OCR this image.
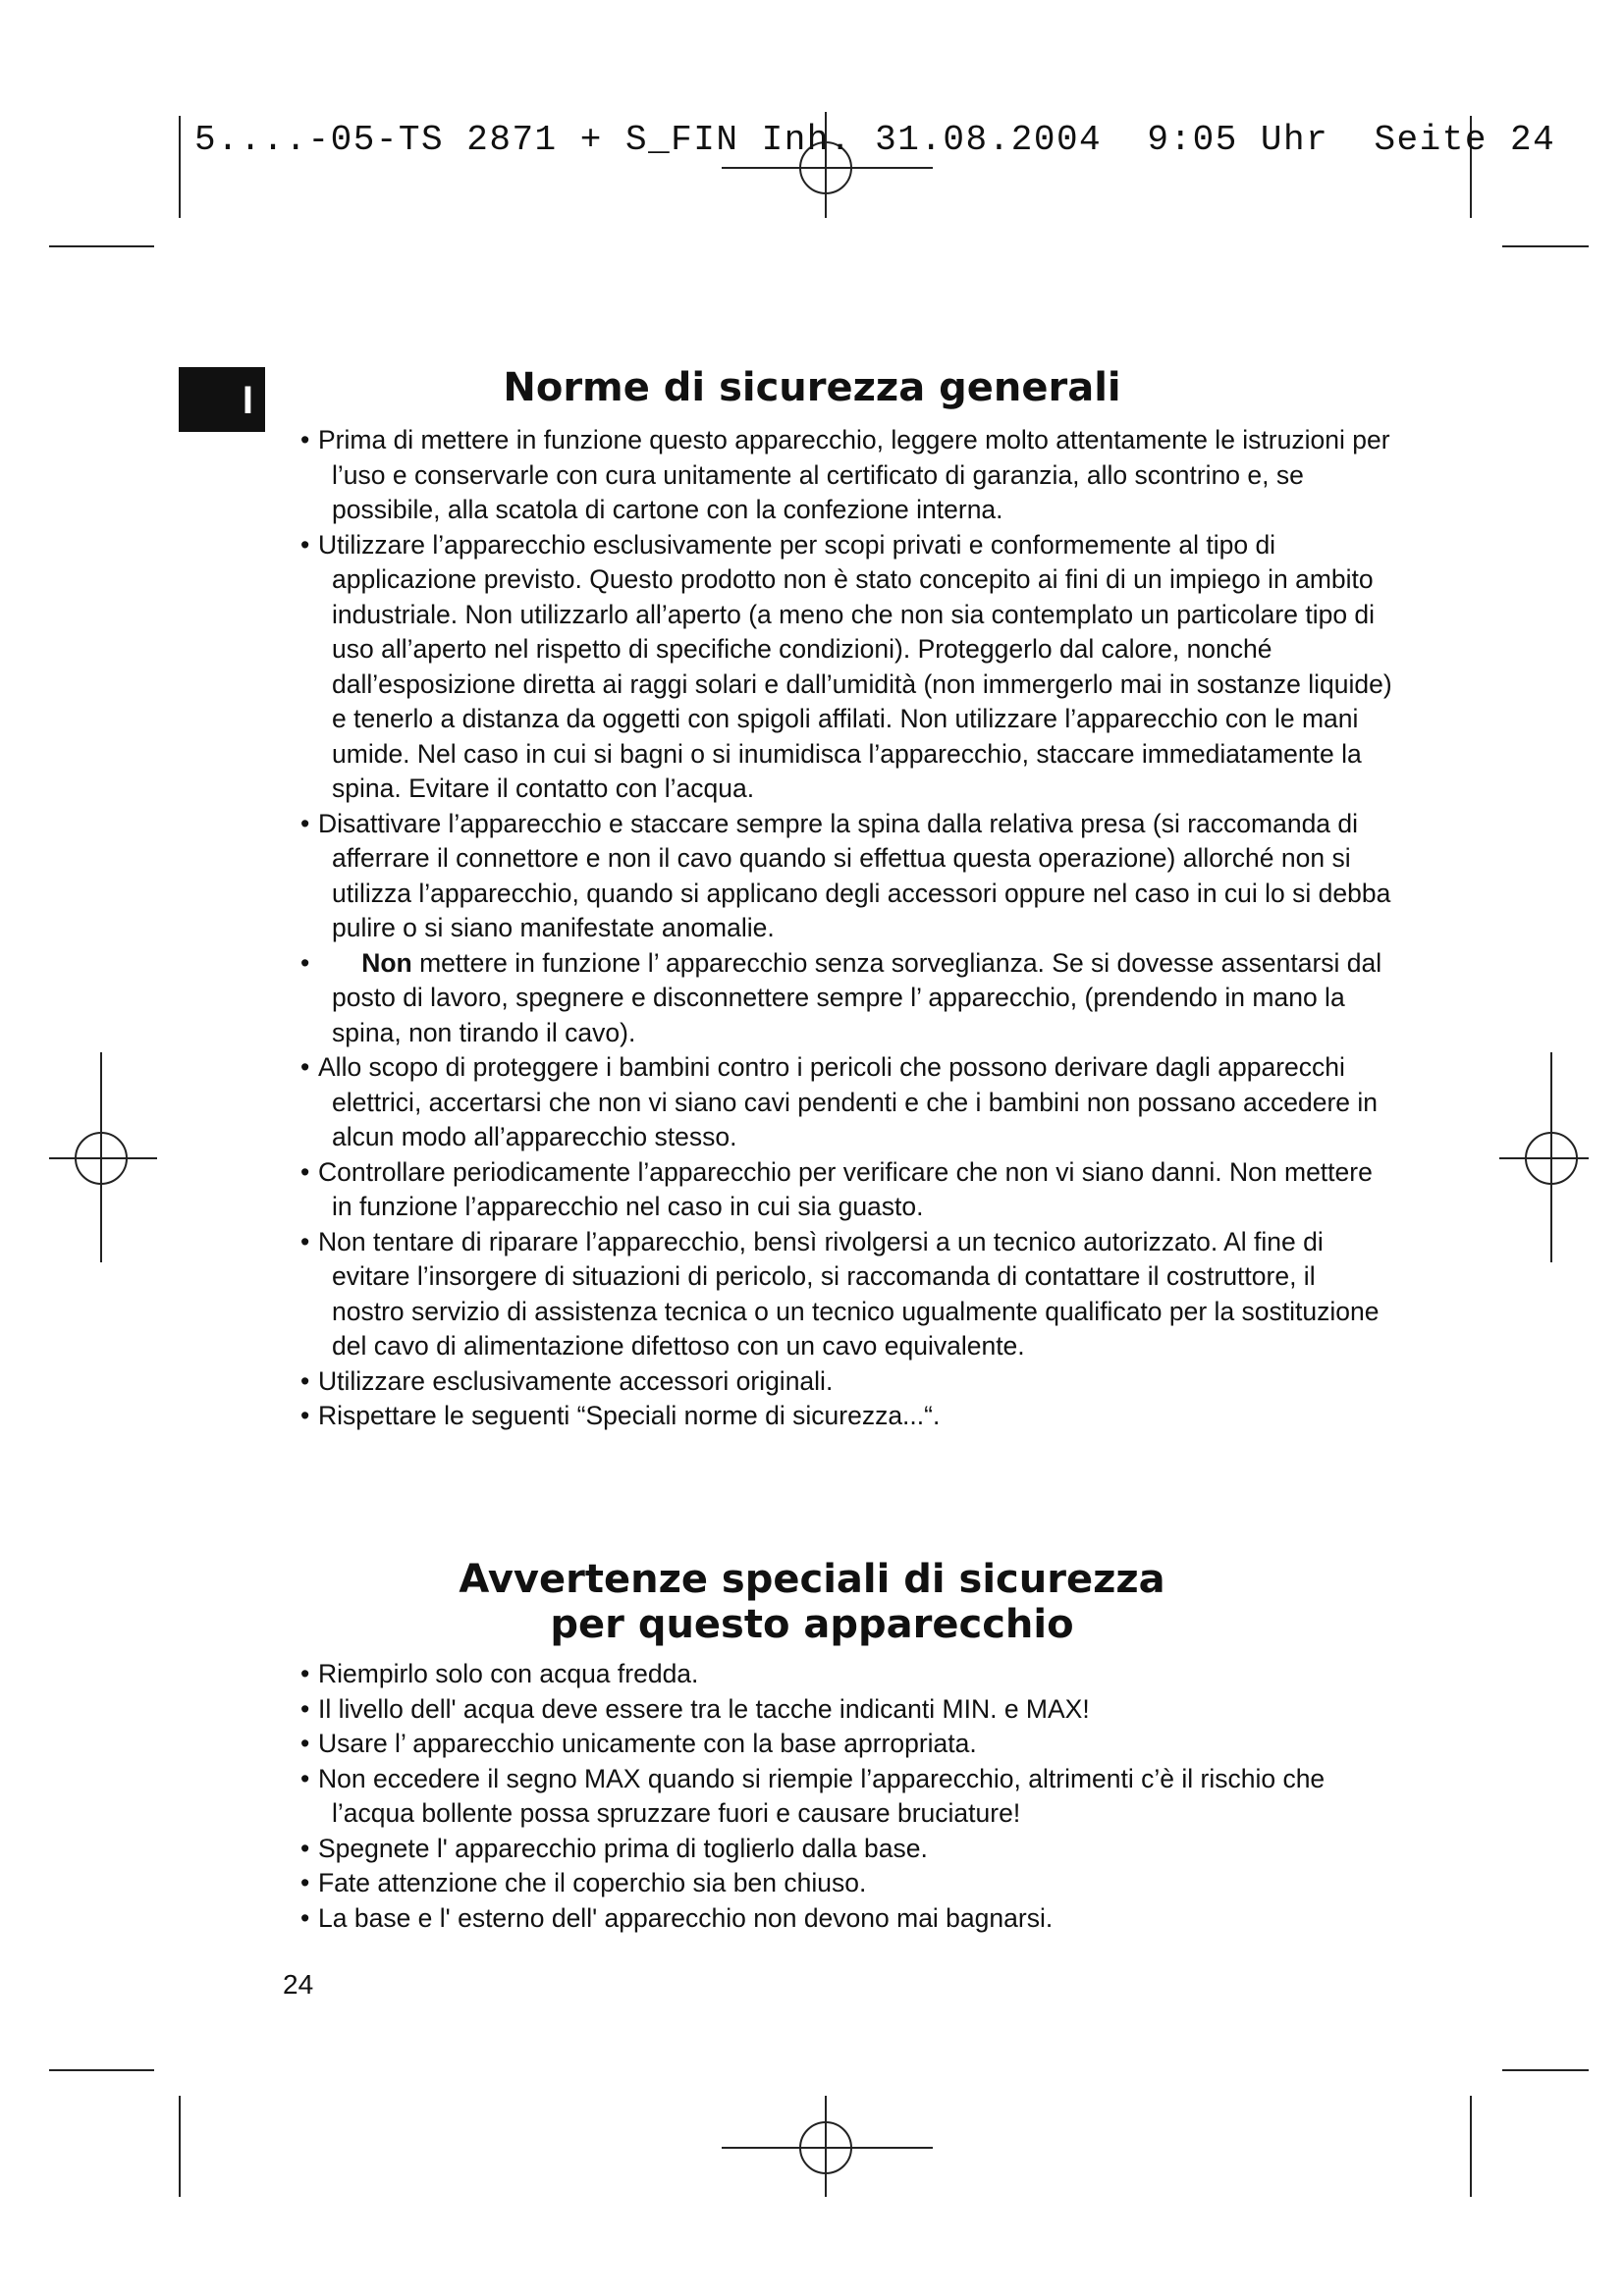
5....-05-TS 2871 + S_FIN Inh. 31.08.2004 9:05 Uhr Seite 24
I	Norme di sicurezza generali
• Prima di mettere in funzione questo apparecchio, leggere molto attentamente le istruzioni per l’uso e conservarle con cura unitamente al certificato di garanzia, allo scontrino e, se possibile, alla scatola di cartone con la confezione interna.
• Utilizzare l’apparecchio esclusivamente per scopi privati e conformemente al tipo di applicazione previsto. Questo prodotto non è stato concepito ai fini di un impiego in ambito industriale. Non utilizzarlo all’aperto (a meno che non sia contemplato un particolare tipo di uso all’aperto nel rispetto di specifiche condizioni). Proteggerlo dal calore, nonché dall’esposizione diretta ai raggi solari e dall’umidità (non immergerlo mai in sostanze liquide) e tenerlo a distanza da oggetti con spigoli affilati. Non utilizzare l’apparecchio con le mani umide. Nel caso in cui si bagni o si inumidisca l’apparecchio, staccare immediatamente la spina. Evitare il contatto con l’acqua.
• Disattivare l’apparecchio e staccare sempre la spina dalla relativa presa (si raccomanda di afferrare il connettore e non il cavo quando si effettua questa operazione) allorché non si utilizza l’apparecchio, quando si applicano degli accessori oppure nel caso in cui lo si debba pulire o si siano manifestate anomalie.
• Non mettere in funzione l’ apparecchio senza sorveglianza. Se si dovesse assentarsi dal posto di lavoro, spegnere e disconnettere sempre l’ apparecchio, (prendendo in mano la spina, non tirando il cavo).
• Allo scopo di proteggere i bambini contro i pericoli che possono derivare dagli apparecchi elettrici, accertarsi che non vi siano cavi pendenti e che i bambini non possano accedere in alcun modo all’apparecchio stesso.
• Controllare periodicamente l’apparecchio per verificare che non vi siano danni. Non mettere in funzione l’apparecchio nel caso in cui sia guasto.
• Non tentare di riparare l’apparecchio, bensì rivolgersi a un tecnico autorizzato. Al fine di evitare l’insorgere di situazioni di pericolo, si raccomanda di contattare il costruttore, il nostro servizio di assistenza tecnica o un tecnico ugualmente qualificato per la sostituzione del cavo di alimentazione difettoso con un cavo equivalente.
• Utilizzare esclusivamente accessori originali.
• Rispettare le seguenti “Speciali norme di sicurezza...“.
Avvertenze speciali di sicurezza
per questo apparecchio
• Riempirlo solo con acqua fredda.
• Il livello dell' acqua deve essere tra le tacche indicanti MIN. e MAX!
• Usare l’ apparecchio unicamente con la base aprropriata.
• Non eccedere il segno MAX quando si riempie l’apparecchio, altrimenti c’è il rischio che l’acqua bollente possa spruzzare fuori e causare bruciature!
• Spegnete l' apparecchio prima di toglierlo dalla base.
• Fate attenzione che il coperchio sia ben chiuso.
• La base e l' esterno dell' apparecchio non devono mai bagnarsi.
24
